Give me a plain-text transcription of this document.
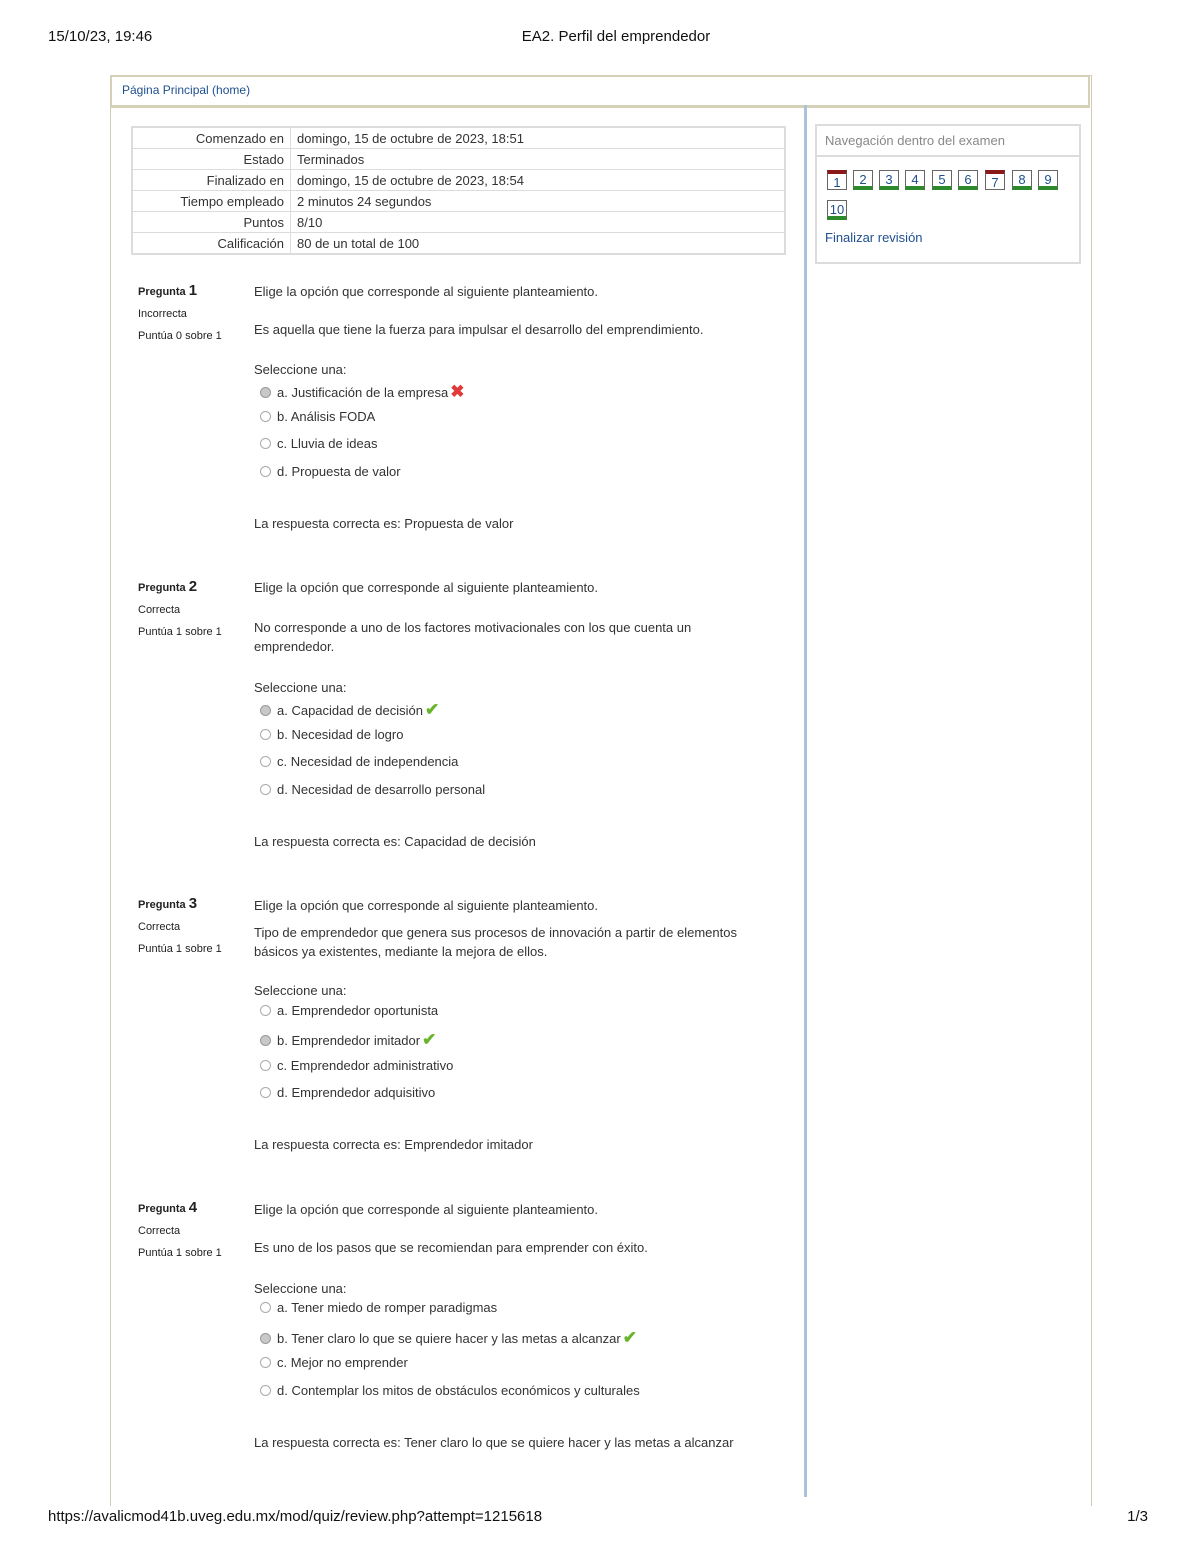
15/10/23, 19:46	EA2. Perfil del emprendedor
https://avalicmod41b.uveg.edu.mx/mod/quiz/review.php?attempt=1215618	1/3
Página Principal (home)
Comenzado en	domingo, 15 de octubre de 2023, 18:51
Estado	Terminados
Finalizado en	domingo, 15 de octubre de 2023, 18:54
Tiempo empleado	2 minutos 24 segundos
Puntos	8/10
Calificación	80 de un total de 100
Navegación dentro del examen
1	2	3	4	5	6	7	8	9
10
Finalizar revisión
Pregunta 1
Incorrecta
Puntúa 0 sobre 1
Elige la opción que corresponde al siguiente planteamiento.
Es aquella que tiene la fuerza para impulsar el desarrollo del emprendimiento.
Seleccione una:
a. Justificación de la empresa ✖
b. Análisis FODA
c. Lluvia de ideas
d. Propuesta de valor
La respuesta correcta es: Propuesta de valor
Pregunta 2
Correcta
Puntúa 1 sobre 1
Elige la opción que corresponde al siguiente planteamiento.
No corresponde a uno de los factores motivacionales con los que cuenta un emprendedor.
Seleccione una:
a. Capacidad de decisión ✔
b. Necesidad de logro
c. Necesidad de independencia
d. Necesidad de desarrollo personal
La respuesta correcta es: Capacidad de decisión
Pregunta 3
Correcta
Puntúa 1 sobre 1
Elige la opción que corresponde al siguiente planteamiento.
Tipo de emprendedor que genera sus procesos de innovación a partir de elementos básicos ya existentes, mediante la mejora de ellos.
Seleccione una:
a. Emprendedor oportunista
b. Emprendedor imitador ✔
c. Emprendedor administrativo
d. Emprendedor adquisitivo
La respuesta correcta es: Emprendedor imitador
Pregunta 4
Correcta
Puntúa 1 sobre 1
Elige la opción que corresponde al siguiente planteamiento.
Es uno de los pasos que se recomiendan para emprender con éxito.
Seleccione una:
a. Tener miedo de romper paradigmas
b. Tener claro lo que se quiere hacer y las metas a alcanzar ✔
c. Mejor no emprender
d. Contemplar los mitos de obstáculos económicos y culturales
La respuesta correcta es: Tener claro lo que se quiere hacer y las metas a alcanzar
